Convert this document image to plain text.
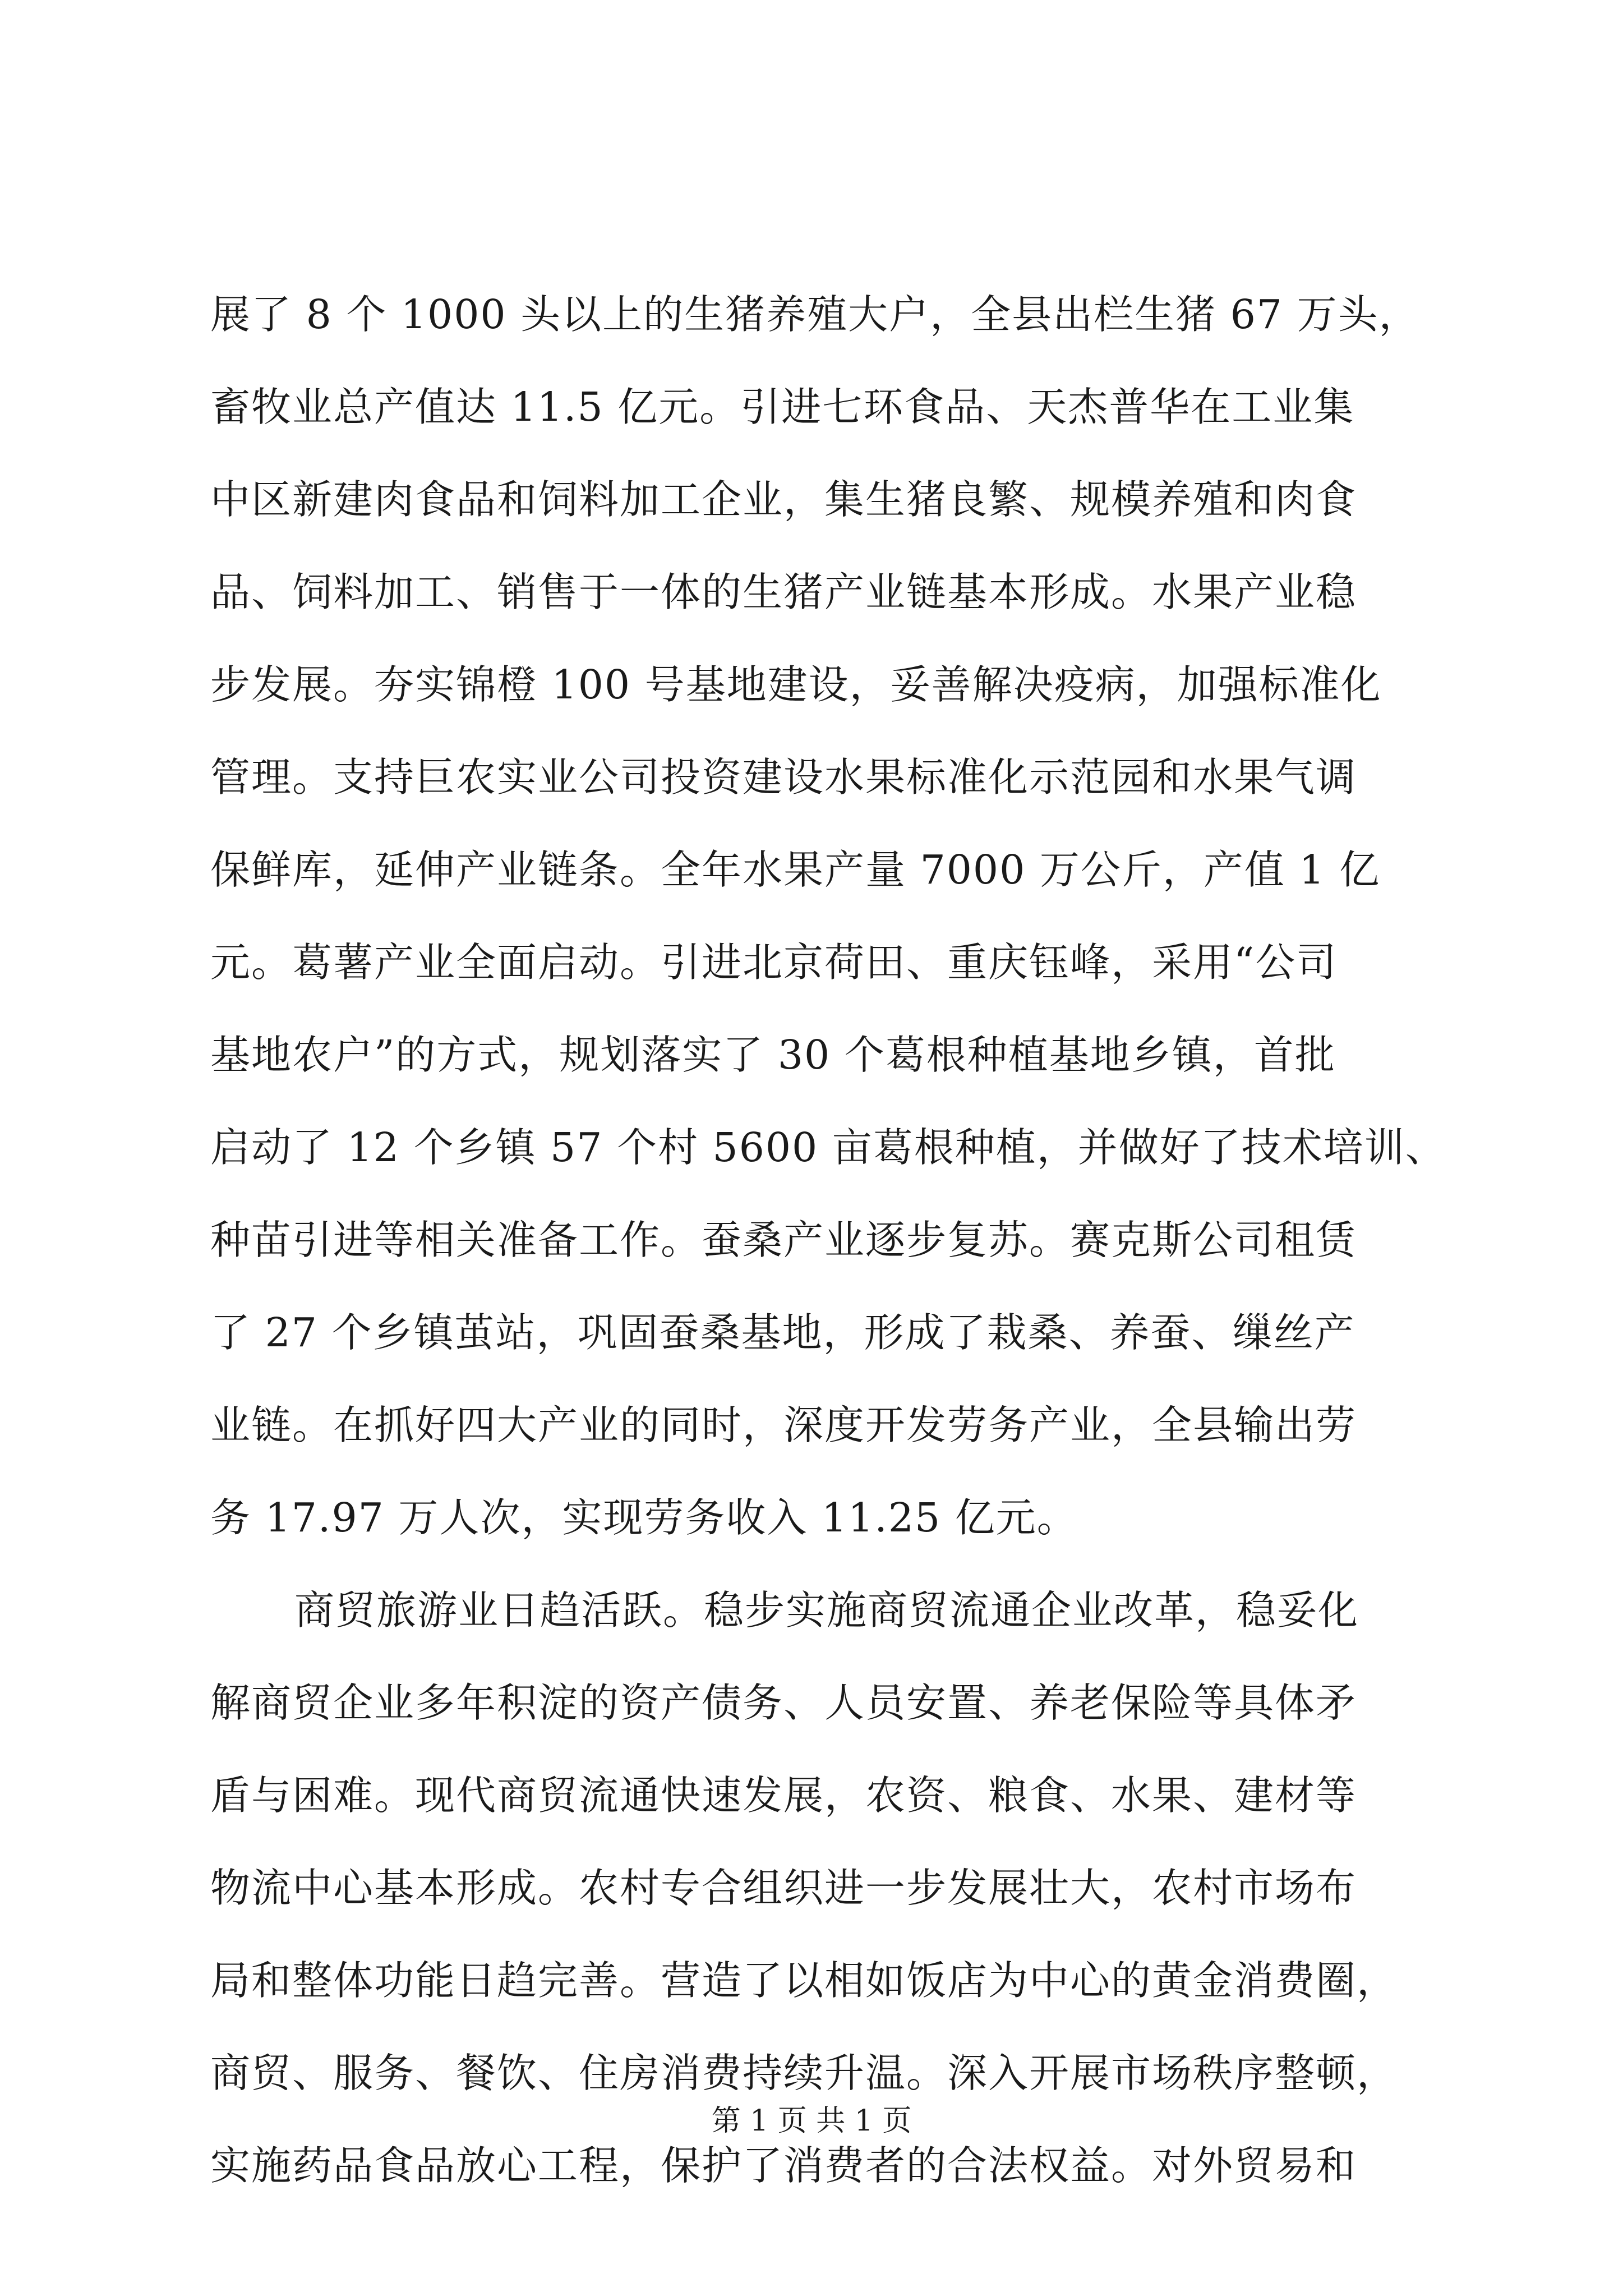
展了 8 个 1000 头以上的生猪养殖大户，全县出栏生猪 67 万头，
畜牧业总产值达 11.5 亿元。引进七环食品、天杰普华在工业集
中区新建肉食品和饲料加工企业，集生猪良繁、规模养殖和肉食
品、饲料加工、销售于一体的生猪产业链基本形成。水果产业稳
步发展。夯实锦橙 100 号基地建设，妥善解决疫病，加强标准化
管理。支持巨农实业公司投资建设水果标准化示范园和水果气调
保鲜库，延伸产业链条。全年水果产量 7000 万公斤，产值 1 亿
元。葛薯产业全面启动。引进北京荷田、重庆钰峰，采用“公司
基地农户”的方式，规划落实了 30 个葛根种植基地乡镇，首批
启动了 12 个乡镇 57 个村 5600 亩葛根种植，并做好了技术培训、
种苗引进等相关准备工作。蚕桑产业逐步复苏。赛克斯公司租赁
了 27 个乡镇茧站，巩固蚕桑基地，形成了栽桑、养蚕、缫丝产
业链。在抓好四大产业的同时，深度开发劳务产业，全县输出劳
务 17.97 万人次，实现劳务收入 11.25 亿元。
商贸旅游业日趋活跃。稳步实施商贸流通企业改革，稳妥化
解商贸企业多年积淀的资产债务、人员安置、养老保险等具体矛
盾与困难。现代商贸流通快速发展，农资、粮食、水果、建材等
物流中心基本形成。农村专合组织进一步发展壮大，农村市场布
局和整体功能日趋完善。营造了以相如饭店为中心的黄金消费圈，
商贸、服务、餐饮、住房消费持续升温。深入开展市场秩序整顿，
实施药品食品放心工程，保护了消费者的合法权益。对外贸易和
第 1 页 共 1 页
